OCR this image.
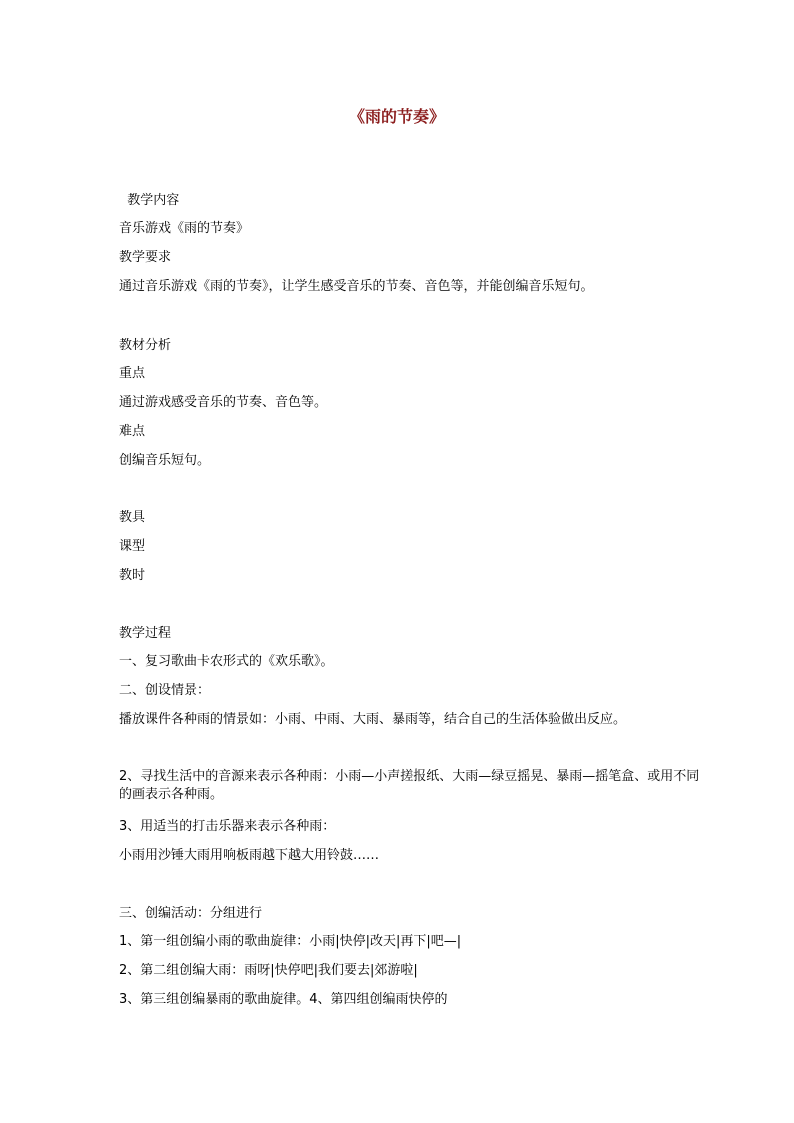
《雨的节奏》
教学内容
音乐游戏《雨的节奏》
教学要求
通过音乐游戏《雨的节奏》，让学生感受音乐的节奏、音色等，并能创编音乐短句。
教材分析
重点
通过游戏感受音乐的节奏、音色等。
难点
创编音乐短句。
教具
课型
教时
教学过程
一、复习歌曲卡农形式的《欢乐歌》。
二、创设情景：
播放课件各种雨的情景如：小雨、中雨、大雨、暴雨等，结合自己的生活体验做出反应。
2、寻找生活中的音源来表示各种雨：小雨—小声搓报纸、大雨—绿豆摇晃、暴雨—摇笔盒、或用不同的画表示各种雨。
3、用适当的打击乐器来表示各种雨：
小雨用沙锤大雨用响板雨越下越大用铃鼓……
三、创编活动：分组进行
1、第一组创编小雨的歌曲旋律：小雨|快停|改天|再下|吧—|
2、第二组创编大雨：雨呀|快停吧|我们要去|郊游啦|
3、第三组创编暴雨的歌曲旋律。4、第四组创编雨快停的
